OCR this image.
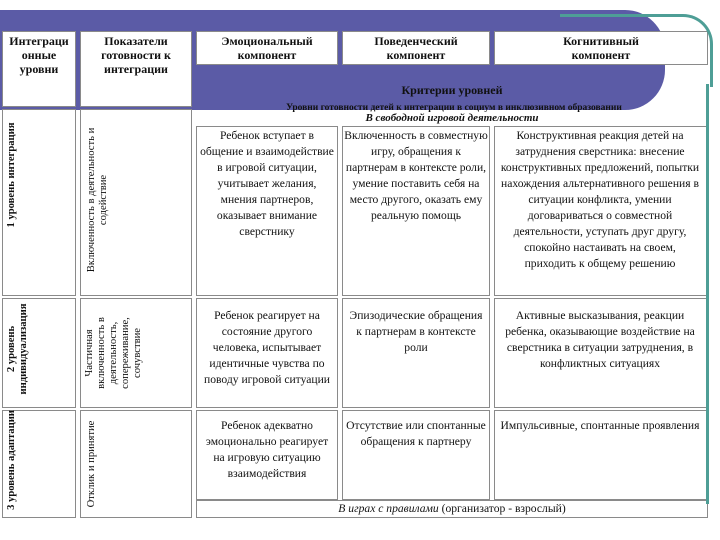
Интеграци онные уровни
Показатели готовности к интеграции
Эмоциональный компонент
Поведенческий компонент
Когнитивный компонент
Критерии уровней
Уровни готовности детей к интеграции в социум в инклюзивном образовании
В свободной игровой деятельности
1 уровень интеграция
2 уровень индивидуализация
3 уровень адаптации
Включенность в деятельность и содействие
Частичная включенность в деятельность, сопереживание, сочувствие
Отклик и принятие
Ребенок вступает в общение и взаимодействие в игровой ситуации, учитывает желания, мнения партнеров, оказывает внимание сверстнику
Включенность в совместную игру, обращения к партнерам в контексте роли, умение поставить себя на место другого, оказать ему реальную помощь
Конструктивная реакция детей на затруднения сверстника: внесение конструктивных предложений, попытки нахождения альтернативного решения в ситуации конфликта, умении договариваться о совместной деятельности, уступать друг другу, спокойно настаивать на своем, приходить к общему решению
Ребенок реагирует на состояние другого человека, испытывает идентичные чувства по поводу игровой ситуации
Эпизодические обращения к партнерам в контексте роли
Активные высказывания, реакции ребенка, оказывающие воздействие на сверстника в ситуации затруднения, в конфликтных ситуациях
Ребенок адекватно эмоционально реагирует на игровую ситуацию взаимодействия
Отсутствие или спонтанные обращения к партнеру
Импульсивные, спонтанные проявления
В играх с правилами (организатор - взрослый)
